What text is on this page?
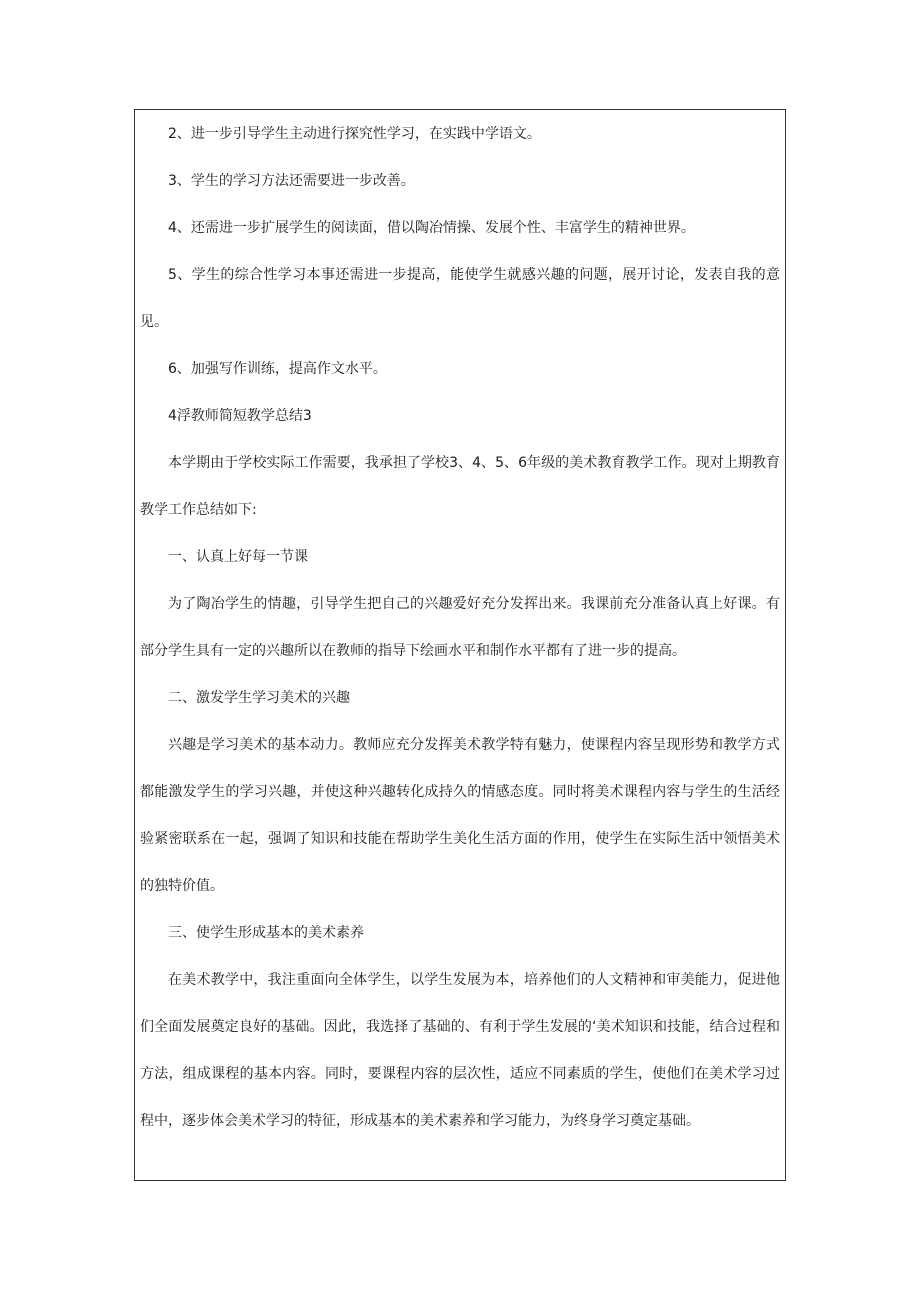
2、进一步引导学生主动进行探究性学习，在实践中学语文。

3、学生的学习方法还需要进一步改善。

4、还需进一步扩展学生的阅读面，借以陶冶情操、发展个性、丰富学生的精神世界。

5、学生的综合性学习本事还需进一步提高，能使学生就感兴趣的问题，展开讨论，发表自我的意见。

6、加强写作训练，提高作文水平。

4浮教师简短教学总结3

本学期由于学校实际工作需要，我承担了学校3、4、5、6年级的美术教育教学工作。现对上期教育教学工作总结如下:

一、认真上好每一节课

为了陶冶学生的情趣，引导学生把自己的兴趣爱好充分发挥出来。我课前充分准备认真上好课。有部分学生具有一定的兴趣所以在教师的指导下绘画水平和制作水平都有了进一步的提高。

二、激发学生学习美术的兴趣

兴趣是学习美术的基本动力。教师应充分发挥美术教学特有魅力，使课程内容呈现形势和教学方式都能激发学生的学习兴趣，并使这种兴趣转化成持久的情感态度。同时将美术课程内容与学生的生活经验紧密联系在一起，强调了知识和技能在帮助学生美化生活方面的作用，使学生在实际生活中领悟美术的独特价值。

三、使学生形成基本的美术素养

在美术教学中，我注重面向全体学生，以学生发展为本，培养他们的人文精神和审美能力，促进他们全面发展奠定良好的基础。因此，我选择了基础的、有利于学生发展的‘美术知识和技能，结合过程和方法，组成课程的基本内容。同时，要课程内容的层次性，适应不同素质的学生，使他们在美术学习过程中，逐步体会美术学习的特征，形成基本的美术素养和学习能力，为终身学习奠定基础。
